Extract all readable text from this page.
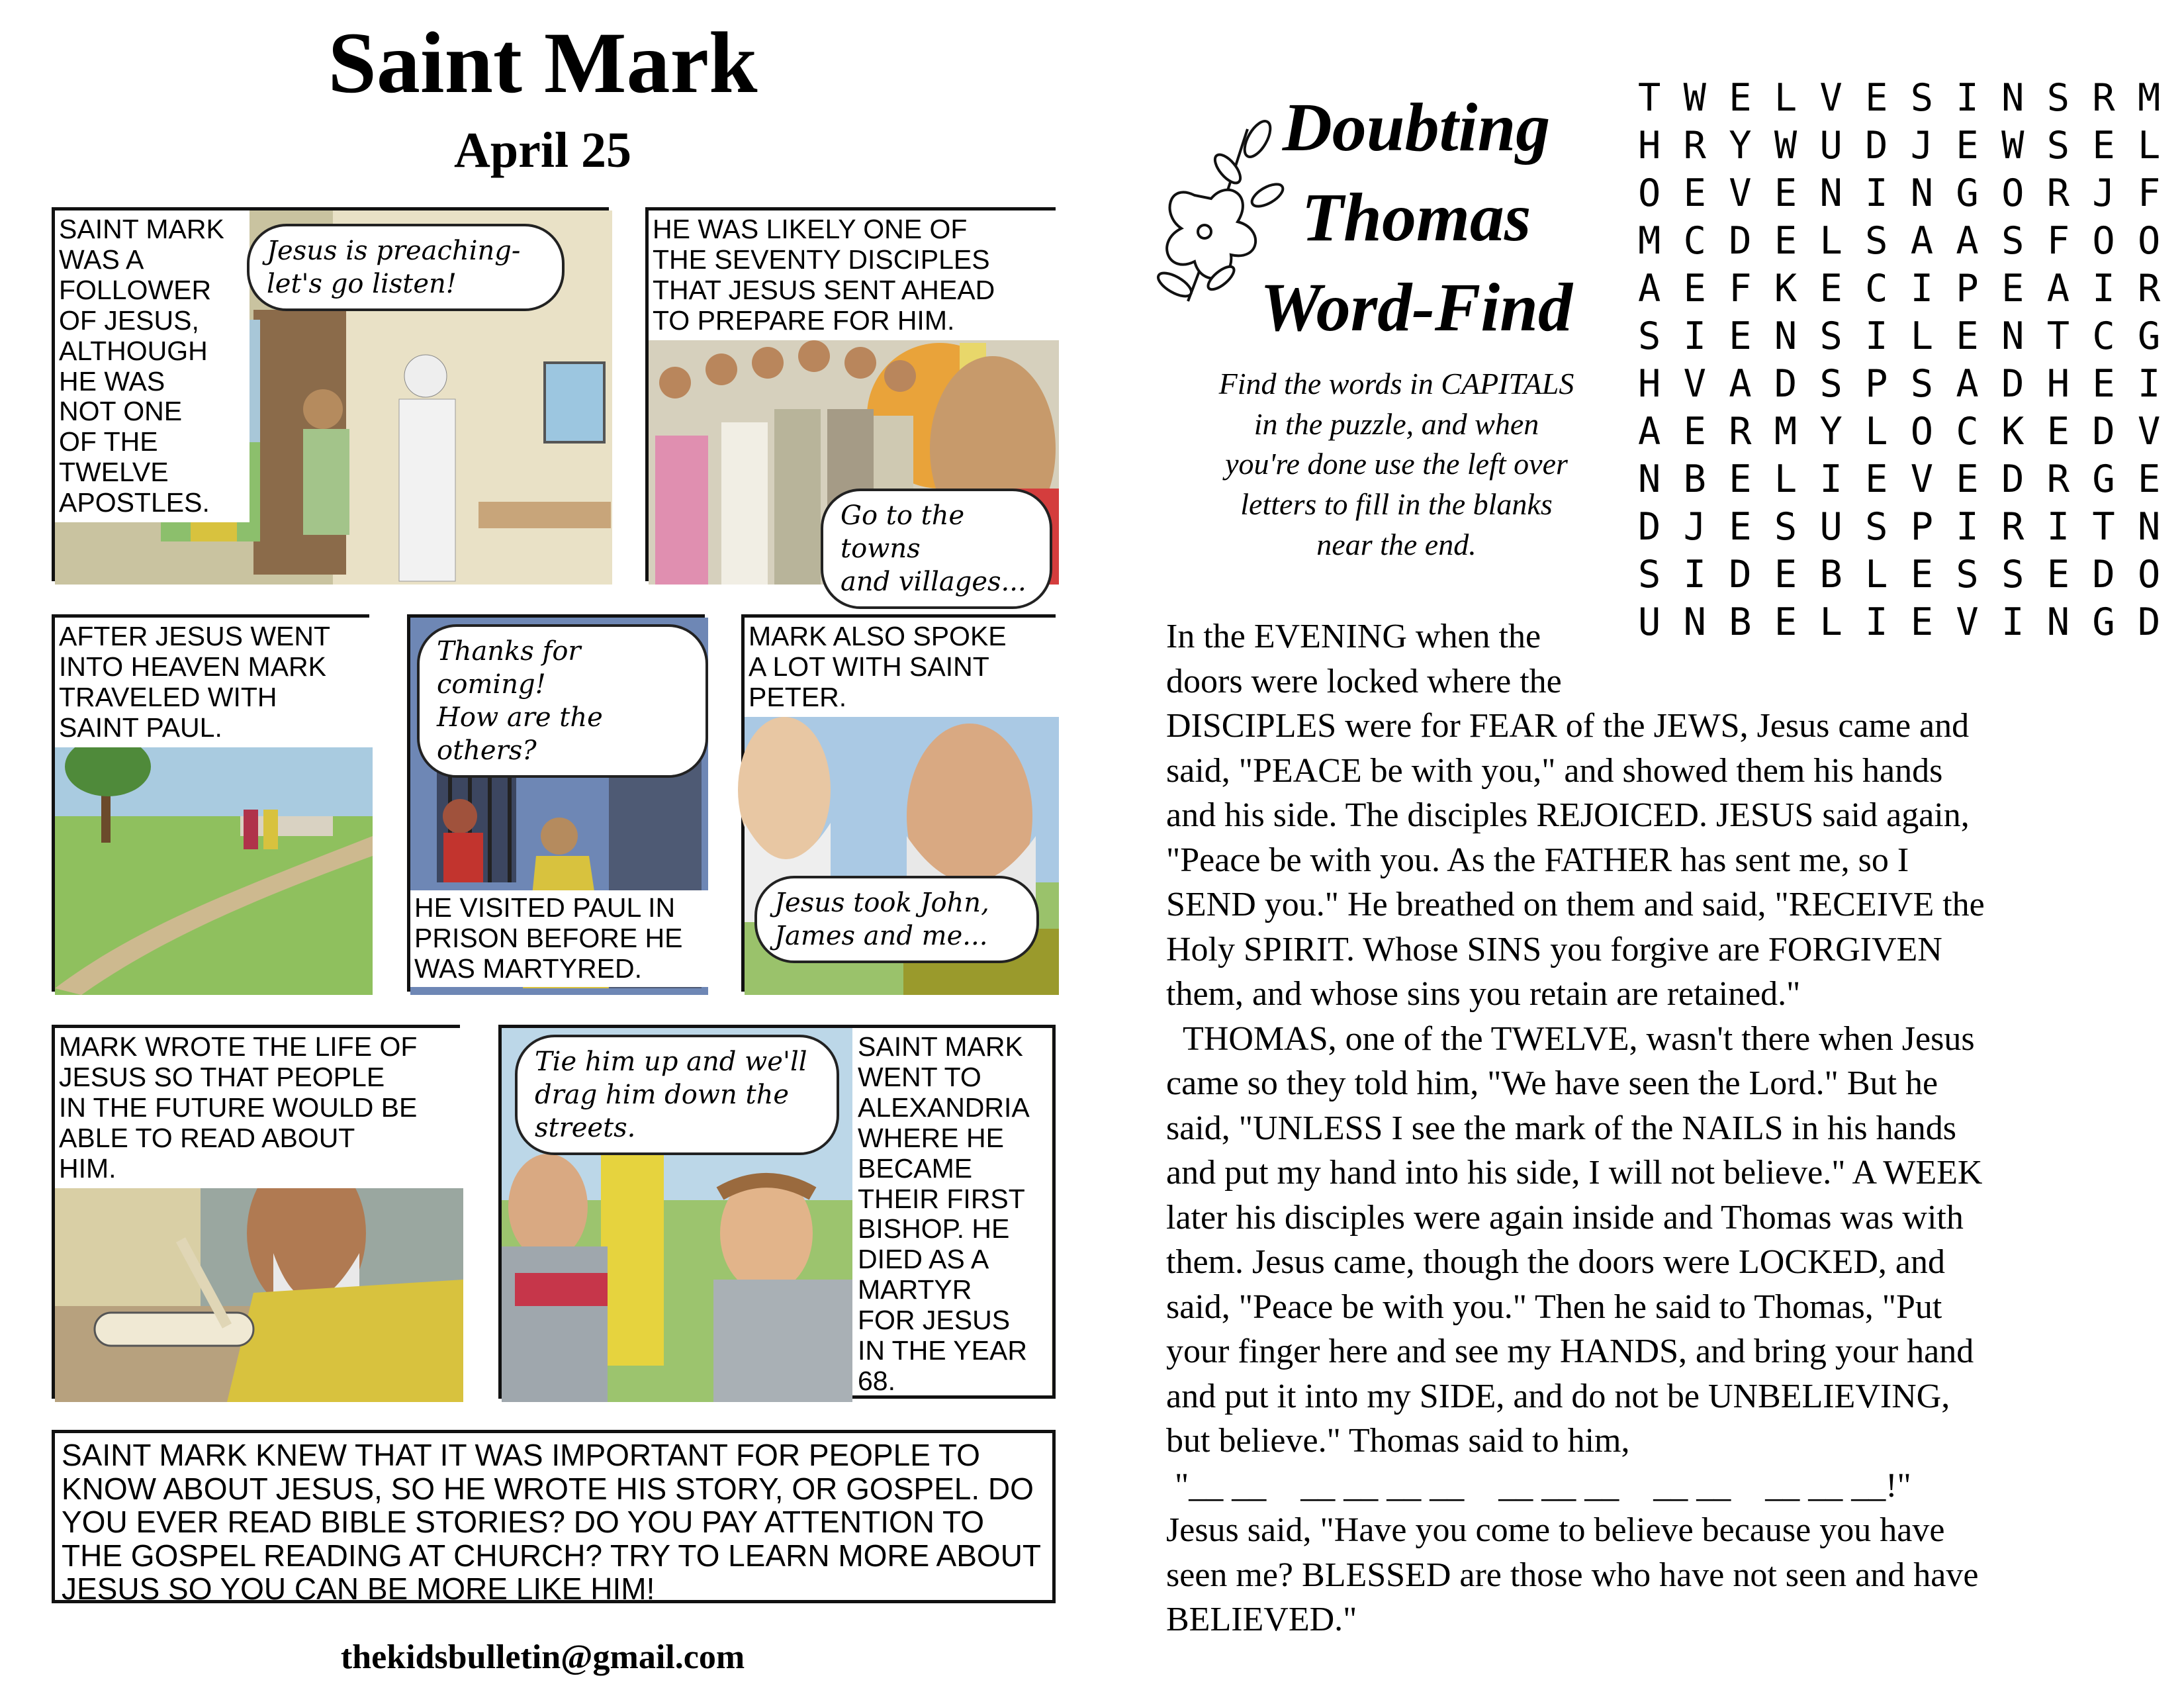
Saint Mark
April 25
SAINT MARK
WAS A
FOLLOWER
OF JESUS,
ALTHOUGH
HE WAS
NOT ONE
OF THE
TWELVE
APOSTLES.
Jesus is preaching-
let's go listen!
HE WAS LIKELY ONE OF
THE SEVENTY DISCIPLES
THAT JESUS SENT AHEAD
TO PREPARE FOR HIM.
Go to the towns
and villages...
AFTER JESUS WENT
INTO HEAVEN MARK
TRAVELED WITH
SAINT PAUL.
Thanks for coming!
How are the others?
HE VISITED PAUL IN
PRISON BEFORE HE
WAS MARTYRED.
MARK ALSO SPOKE
A LOT WITH SAINT
PETER.
Jesus took John,
James and me...
MARK WROTE THE LIFE OF
JESUS SO THAT PEOPLE
IN THE FUTURE WOULD BE
ABLE TO READ ABOUT
HIM.
Tie him up and we'll
drag him down the
streets.
SAINT MARK
WENT TO
ALEXANDRIA
WHERE HE
BECAME
THEIR FIRST
BISHOP. HE
DIED AS A
MARTYR
FOR JESUS
IN THE YEAR
68.
SAINT MARK KNEW THAT IT WAS IMPORTANT FOR PEOPLE TO KNOW ABOUT JESUS, SO HE WROTE HIS STORY, OR GOSPEL. DO YOU EVER READ BIBLE STORIES? DO YOU PAY ATTENTION TO THE GOSPEL READING AT CHURCH? TRY TO LEARN MORE ABOUT JESUS SO YOU CAN BE MORE LIKE HIM!
thekidsbulletin@gmail.com
Doubting
Thomas
Word-Find
Find the words in CAPITALS
in the puzzle, and when
you're done use the left over
letters to fill in the blanks
near the end.
T W E L V E S I N S R M
H R Y W U D J E W S E L
O E V E N I N G O R J F
M C D E L S A A S F O O
A E F K E C I P E A I R
S I E N S I L E N T C G
H V A D S P S A D H E I
A E R M Y L O C K E D V
N B E L I E V E D R G E
D J E S U S P I R I T N
S I D E B L E S S E D O
U N B E L I E V I N G D

In the EVENING when the

doors were locked where the

DISCIPLES were for FEAR of the JEWS, Jesus came and

said, "PEACE be with you," and showed them his hands

and his side. The disciples REJOICED. JESUS said again,

"Peace be with you. As the FATHER has sent me, so I

SEND you." He breathed on them and said, "RECEIVE the

Holy SPIRIT. Whose SINS you forgive are FORGIVEN

them, and whose sins you retain are retained."

THOMAS, one of the TWELVE, wasn't there when Jesus

came so they told him, "We have seen the Lord." But he

said, "UNLESS I see the mark of the NAILS in his hands

and put my hand into his side, I will not believe." A WEEK

later his disciples were again inside and Thomas was with

them. Jesus came, though the doors were LOCKED, and

said, "Peace be with you." Then he said to Thomas, "Put

your finger here and see my HANDS, and bring your hand

and put it into my SIDE, and do not be UNBELIEVING,

but believe." Thomas said to him,

"__ __    __ __ __ __    __ __ __    __ __    __ __ __!"

Jesus said, "Have you come to believe because you have

seen me? BLESSED are those who have not seen and have

BELIEVED."
